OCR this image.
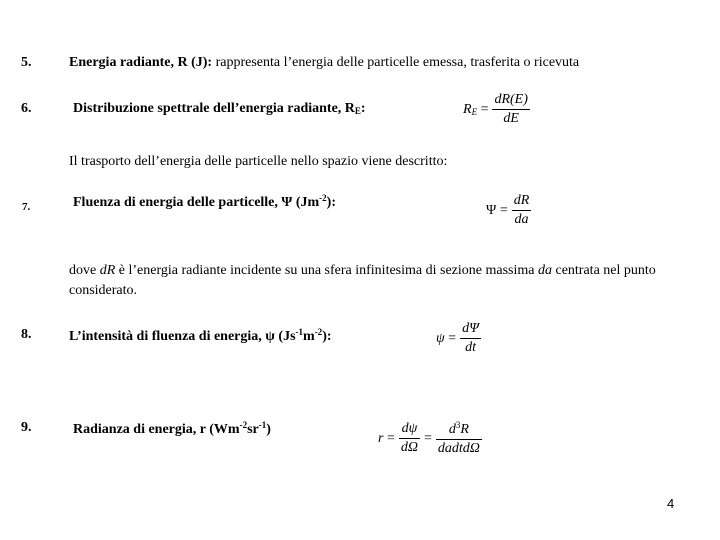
5.	Energia radiante, R (J): rappresenta l’energia delle particelle emessa, trasferita o ricevuta
6.	Distribuzione spettrale dell’energia radiante, $R_E$:	$R_E = \frac{dR(E)}{dE}$
Il trasporto dell’energia delle particelle nello spazio viene descritto:
7.	Fluenza di energia delle particelle, Ψ $(Jm^{-2})$:	$\Psi = \frac{dR}{da}$
dove dR è l’energia radiante incidente su una sfera infinitesima di sezione massima da centrata nel punto considerato.
8.	L’intensità di fluenza di energia, ψ $(Js^{-1}m^{-2})$:	$\psi = \frac{d\Psi}{dt}$
9.	Radianza di energia, r $(Wm^{-2}sr^{-1})$
$r = \frac{d\psi}{d\Omega} = \frac{d^3R}{\text{dadtdΩ}}$
4
